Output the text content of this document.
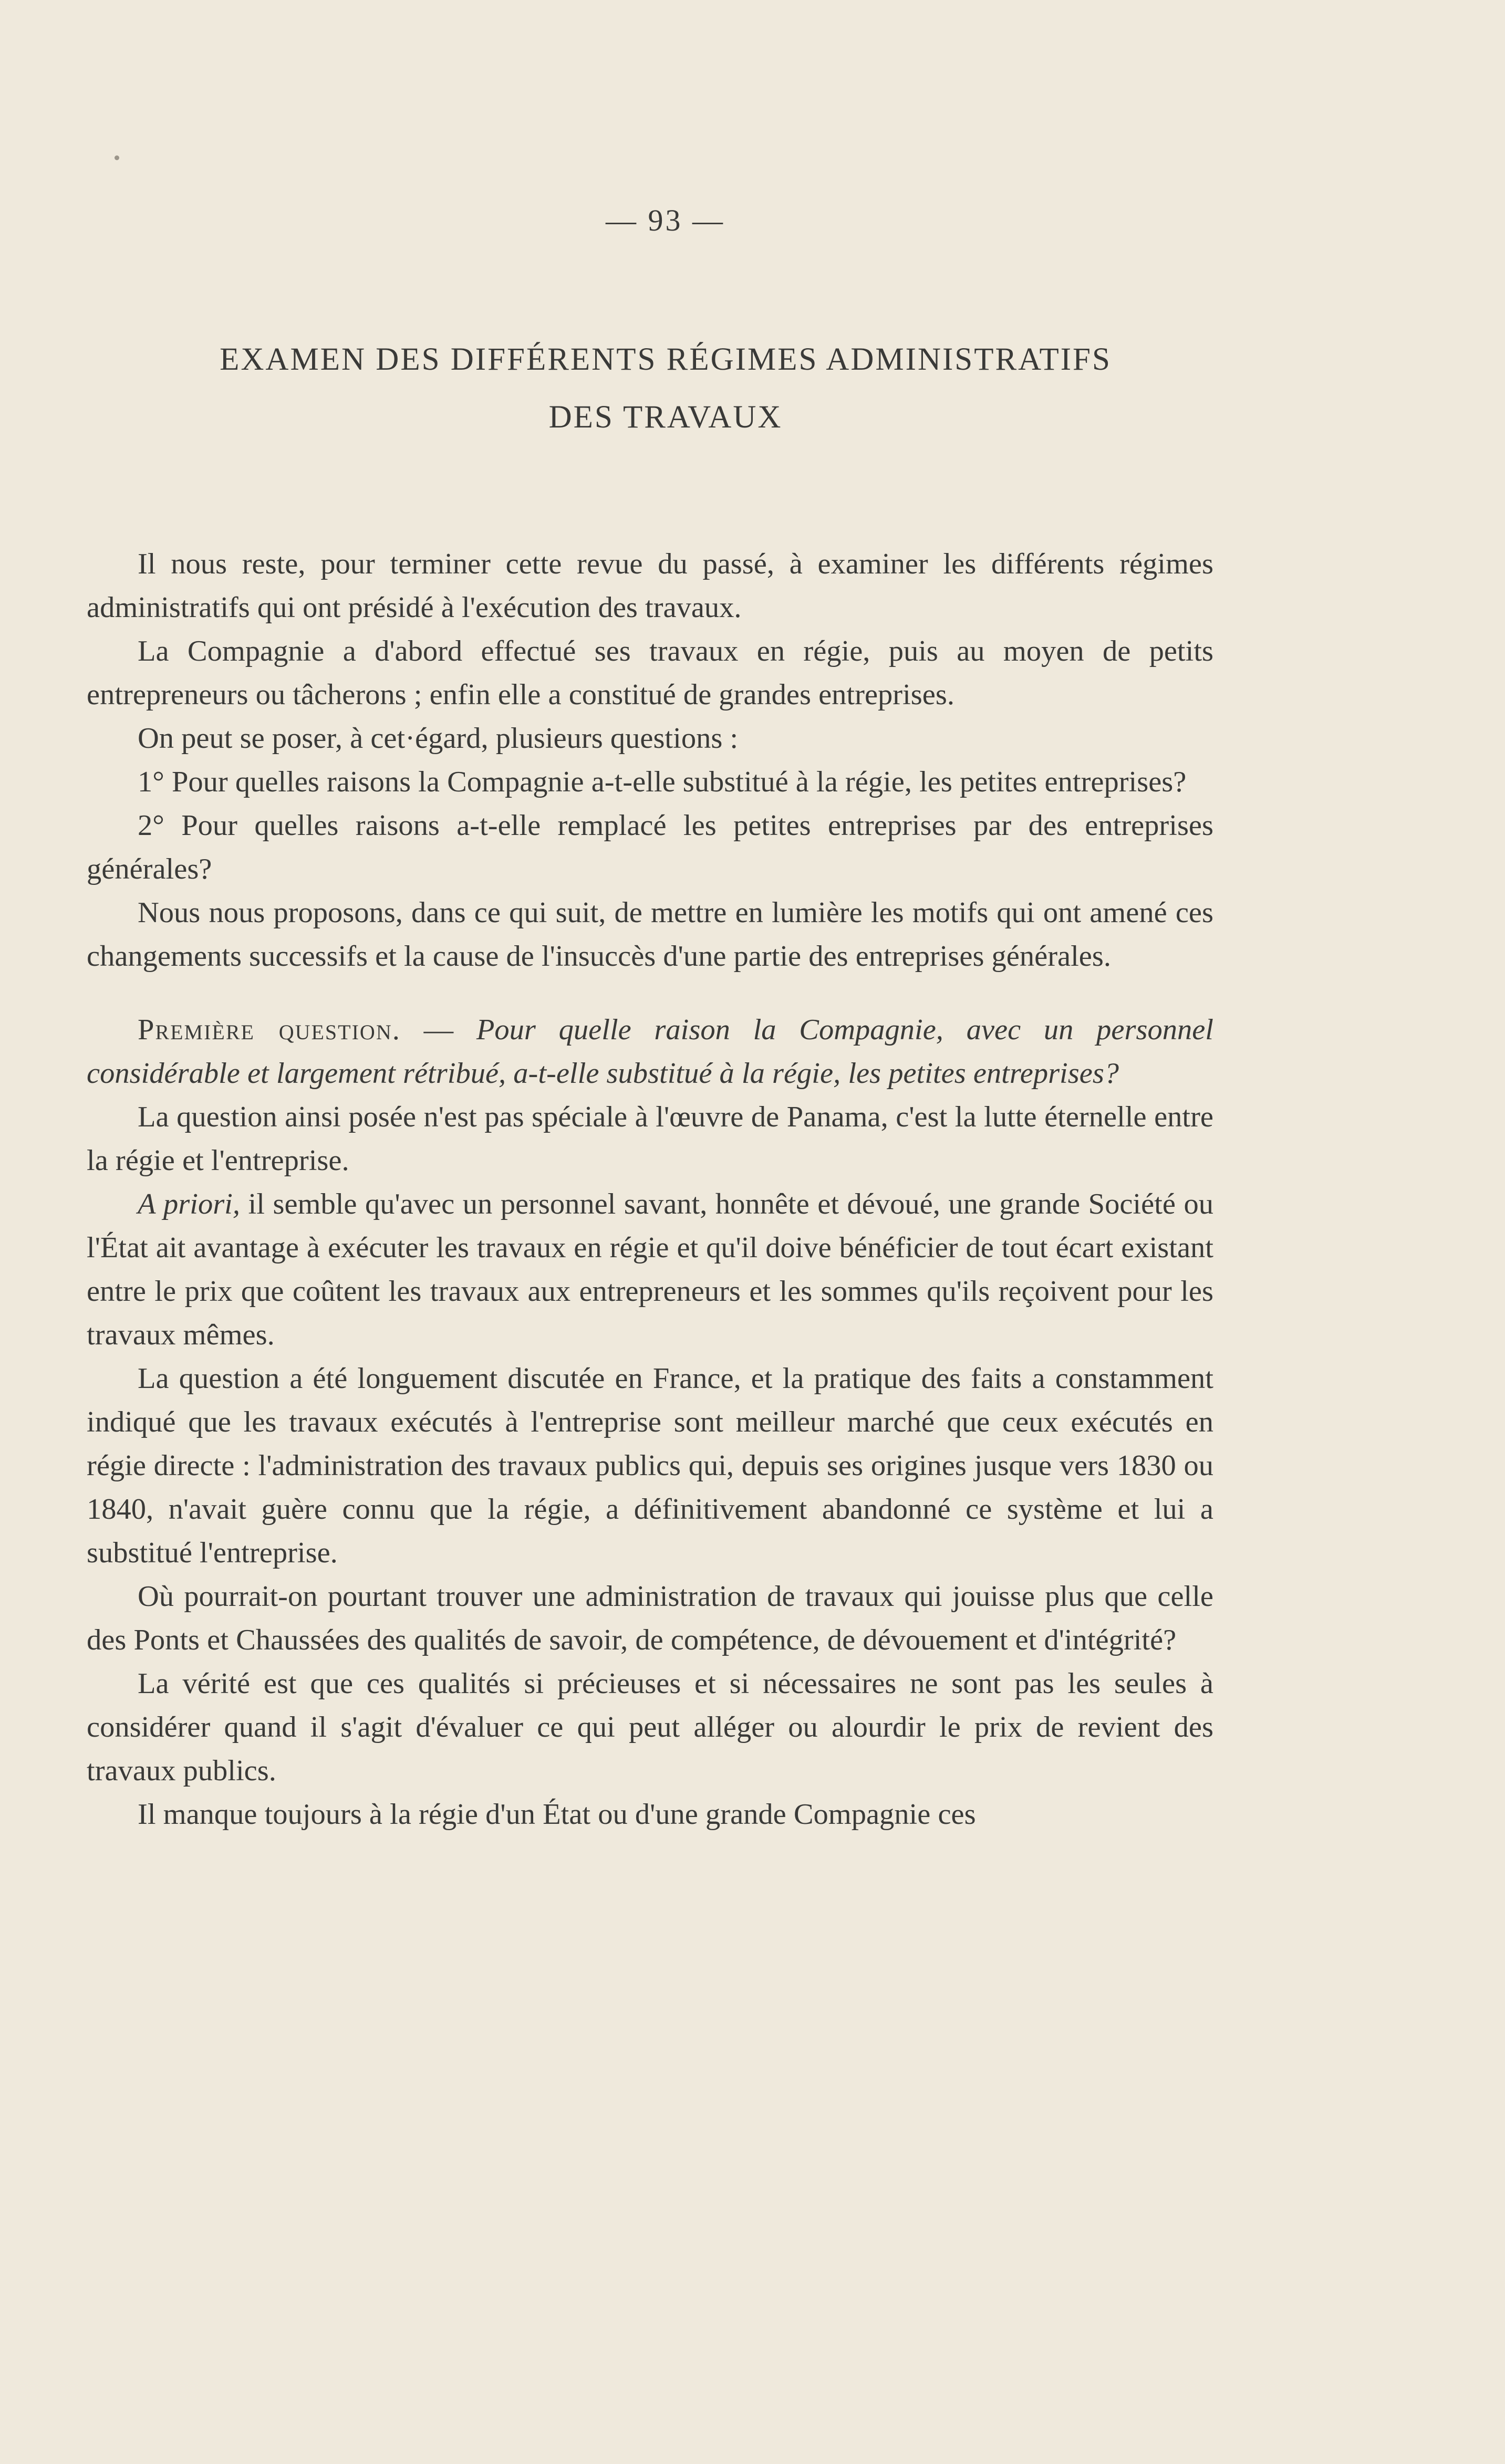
— 93 —
EXAMEN DES DIFFÉRENTS RÉGIMES ADMINISTRATIFS
DES TRAVAUX

Il nous reste, pour terminer cette revue du passé, à examiner les différents régimes administratifs qui ont présidé à l'exécution des travaux.

La Compagnie a d'abord effectué ses travaux en régie, puis au moyen de petits entrepreneurs ou tâcherons ; enfin elle a constitué de grandes entreprises.

On peut se poser, à cet·égard, plusieurs questions :

1° Pour quelles raisons la Compagnie a-t-elle substitué à la régie, les petites entreprises?

2° Pour quelles raisons a-t-elle remplacé les petites entreprises par des entreprises générales?

Nous nous proposons, dans ce qui suit, de mettre en lumière les motifs qui ont amené ces changements successifs et la cause de l'insuccès d'une partie des entreprises générales.

Première question. — Pour quelle raison la Compagnie, avec un personnel considérable et largement rétribué, a-t-elle substitué à la régie, les petites entreprises?

La question ainsi posée n'est pas spéciale à l'œuvre de Panama, c'est la lutte éternelle entre la régie et l'entreprise.

A priori, il semble qu'avec un personnel savant, honnête et dévoué, une grande Société ou l'État ait avantage à exécuter les travaux en régie et qu'il doive bénéficier de tout écart existant entre le prix que coûtent les travaux aux entrepreneurs et les sommes qu'ils reçoivent pour les travaux mêmes.

La question a été longuement discutée en France, et la pratique des faits a constamment indiqué que les travaux exécutés à l'entreprise sont meilleur marché que ceux exécutés en régie directe : l'administration des travaux publics qui, depuis ses origines jusque vers 1830 ou 1840, n'avait guère connu que la régie, a définitivement abandonné ce système et lui a substitué l'entreprise.

Où pourrait-on pourtant trouver une administration de travaux qui jouisse plus que celle des Ponts et Chaussées des qualités de savoir, de compétence, de dévouement et d'intégrité?

La vérité est que ces qualités si précieuses et si nécessaires ne sont pas les seules à considérer quand il s'agit d'évaluer ce qui peut alléger ou alourdir le prix de revient des travaux publics.

Il manque toujours à la régie d'un État ou d'une grande Compagnie ces
